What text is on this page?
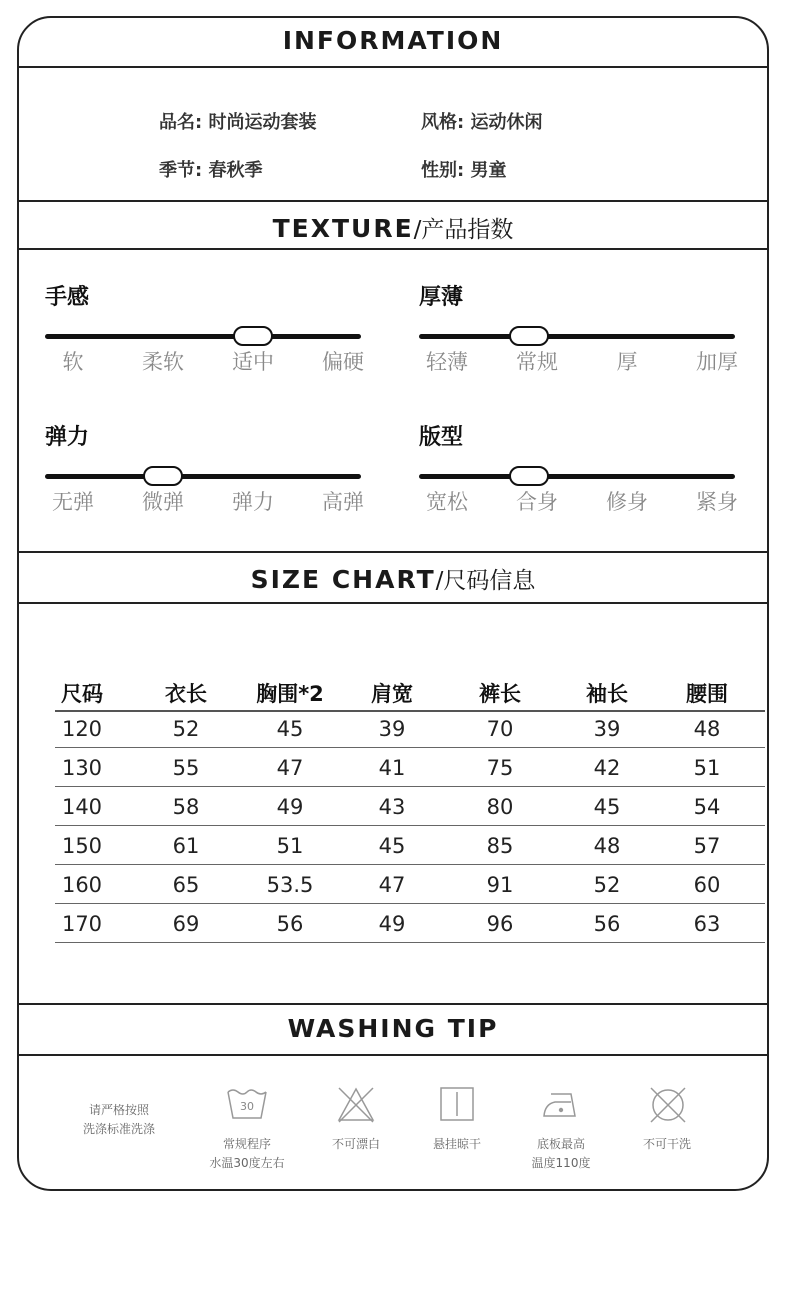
INFORMATION
品名: 时尚运动套装	风格: 运动休闲
季节: 春秋季	性别: 男童
TEXTURE/产品指数
手感
软	柔软	适中	偏硬
厚薄
轻薄	常规	厚	加厚
弹力
无弹	微弹	弹力	高弹
版型
宽松	合身	修身	紧身
SIZE CHART/尺码信息
尺码	衣长	胸围*2	肩宽	裤长	袖长	腰围
120	52	45	39	70	39	48
130	55	47	41	75	42	51
140	58	49	43	80	45	54
150	61	51	45	85	48	57
160	65	53.5	47	91	52	60
170	69	56	49	96	56	63
WASHING TIP
请严格按照
洗涤标准洗涤
30
常规程序
水温30度左右
不可漂白	悬挂晾干	底板最高
温度110度
不可干洗
